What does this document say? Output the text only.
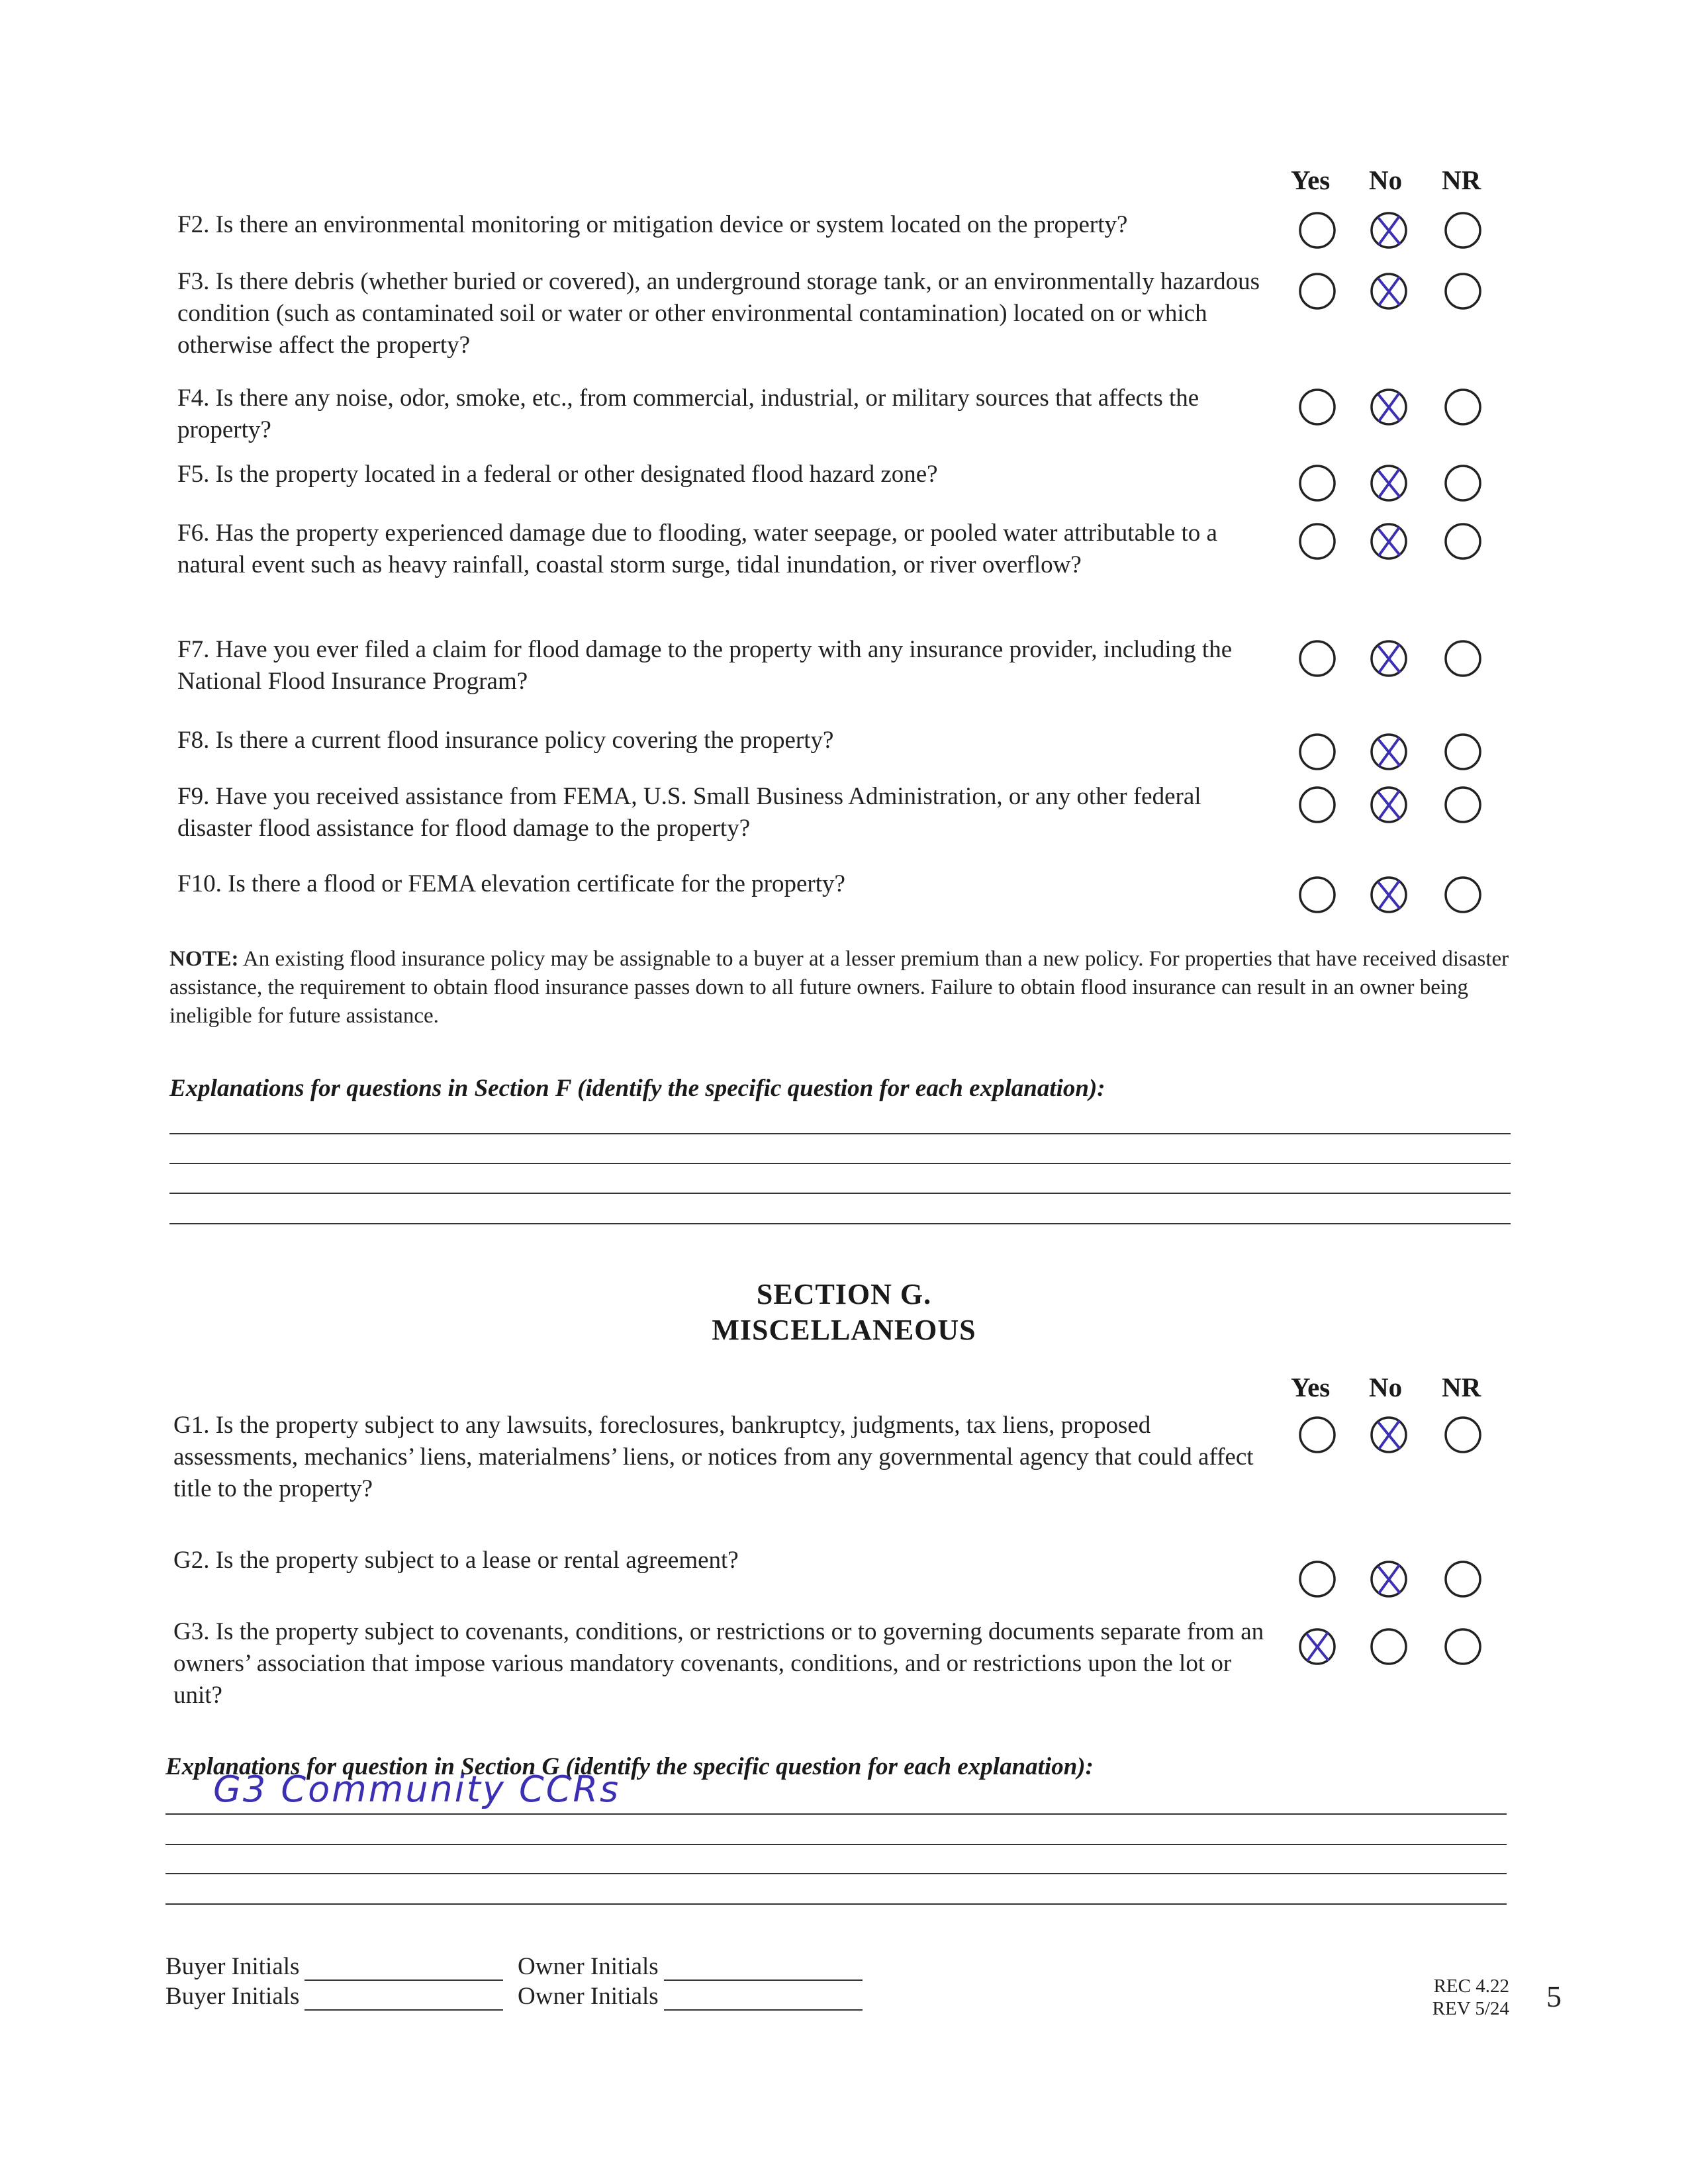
Yes No NR
F2. Is there an environmental monitoring or mitigation device or system located on the property?
F3. Is there debris (whether buried or covered), an underground storage tank, or an environmentally hazardous condition (such as contaminated soil or water or other environmental contamination) located on or which otherwise affect the property?
F4. Is there any noise, odor, smoke, etc., from commercial, industrial, or military sources that affects the property?
F5. Is the property located in a federal or other designated flood hazard zone?
F6. Has the property experienced damage due to flooding, water seepage, or pooled water attributable to a natural event such as heavy rainfall, coastal storm surge, tidal inundation, or river overflow?
F7. Have you ever filed a claim for flood damage to the property with any insurance provider, including the National Flood Insurance Program?
F8. Is there a current flood insurance policy covering the property?
F9. Have you received assistance from FEMA, U.S. Small Business Administration, or any other federal disaster flood assistance for flood damage to the property?
F10. Is there a flood or FEMA elevation certificate for the property?
NOTE: An existing flood insurance policy may be assignable to a buyer at a lesser premium than a new policy. For properties that have received disaster assistance, the requirement to obtain flood insurance passes down to all future owners. Failure to obtain flood insurance can result in an owner being ineligible for future assistance.
Explanations for questions in Section F (identify the specific question for each explanation):
SECTION G.
MISCELLANEOUS
Yes No NR
G1. Is the property subject to any lawsuits, foreclosures, bankruptcy, judgments, tax liens, proposed assessments, mechanics’ liens, materialmens’ liens, or notices from any governmental agency that could affect title to the property?
G2. Is the property subject to a lease or rental agreement?
G3. Is the property subject to covenants, conditions, or restrictions or to governing documents separate from an owners’ association that impose various mandatory covenants, conditions, and or restrictions upon the lot or unit?
Explanations for question in Section G (identify the specific question for each explanation):
G3 Community CCRs
Buyer Initials
Buyer Initials
Owner Initials
Owner Initials	REC 4.22
REV 5/24 5
